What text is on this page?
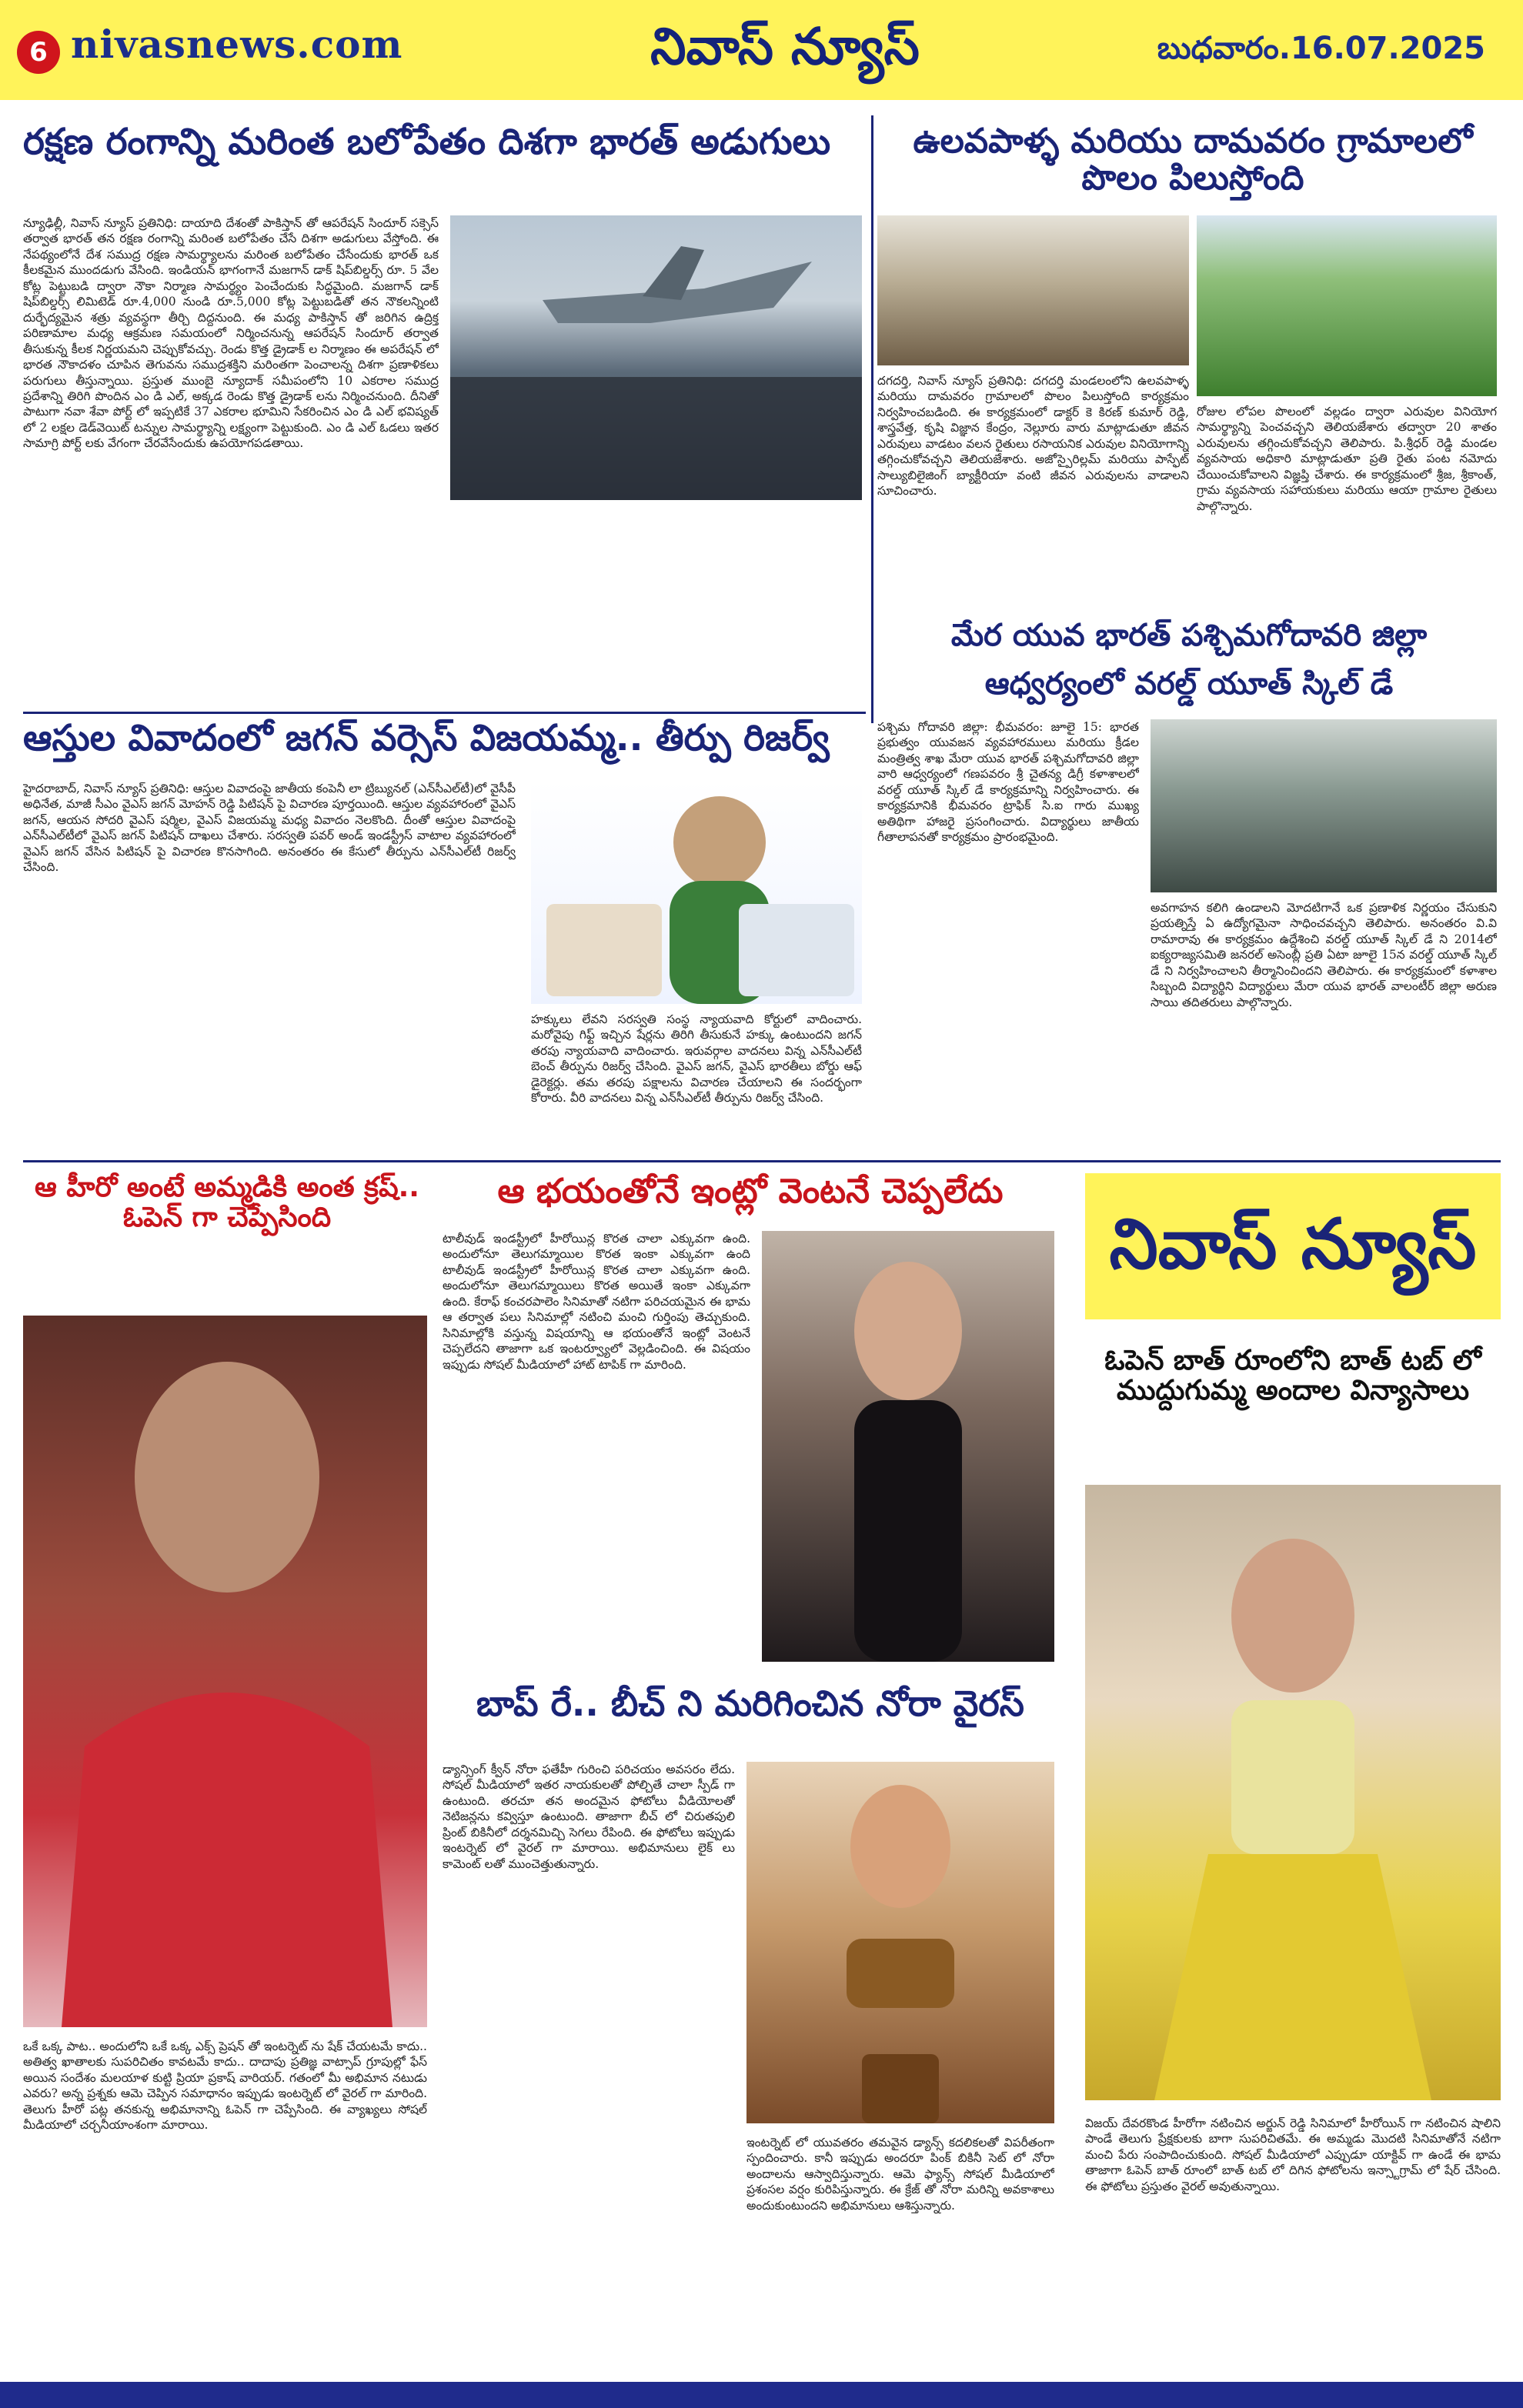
6 nivasnews.com	నివాస్ న్యూస్	బుధవారం.16.07.2025
రక్షణ రంగాన్ని మరింత బలోపేతం దిశగా భారత్ అడుగులు
న్యూఢిల్లీ, నివాస్ న్యూస్ ప్రతినిధి: దాయాది దేశంతో పాకిస్తాన్ తో ఆపరేషన్ సిందూర్ సక్సెస్ తర్వాత భారత్ తన రక్షణ రంగాన్ని మరింత బలోపేతం చేసే దిశగా అడుగులు వేస్తోంది. ఈ నేపథ్యంలోనే దేశ సముద్ర రక్షణ సామర్థ్యాలను మరింత బలోపేతం చేసేందుకు భారత్ ఒక కీలకమైన ముందడుగు వేసింది. ఇండియన్ భాగంగానే మజగాన్ డాక్ షిప్‌బిల్డర్స్ రూ. 5 వేల కోట్ల పెట్టుబడి ద్వారా నౌకా నిర్మాణ సామర్థ్యం పెంచేందుకు సిద్ధమైంది. మజగాన్ డాక్ షిప్‌బిల్డర్స్ లిమిటెడ్ రూ.4,000 నుండి రూ.5,000 కోట్ల పెట్టుబడితో తన నౌకలన్నింటి దుర్భేద్యమైన శత్రు వ్యవస్థగా తీర్చి దిద్దనుంది. ఈ మధ్య పాకిస్తాన్ తో జరిగిన ఉద్రిక్త పరిణామాల మధ్య ఆక్రమణ సమయంలో నిర్మించనున్న ఆపరేషన్ సిందూర్ తర్వాత తీసుకున్న కీలక నిర్ణయమని చెప్పుకోవచ్చు. రెండు కొత్త డ్రైడాక్ ల నిర్మాణం ఈ అపరేషన్ లో భారత నౌకాదళం చూపిన తెగువను సముద్రశక్తిని మరింతగా పెంచాలన్న దిశగా ప్రణాళికలు పరుగులు తీస్తున్నాయి. ప్రస్తుత ముంబై న్యూదాక్ సమీపంలోని 10 ఎకరాల సముద్ర ప్రదేశాన్ని తిరిగి పొందిన ఎం డి ఎల్, అక్కడ రెండు కొత్త డ్రైడాక్ లను నిర్మించనుంది. దీనితో పాటుగా నవా శేవా పోర్ట్ లో ఇప్పటికే 37 ఎకరాల భూమిని సేకరించిన ఎం డి ఎల్ భవిష్యత్ లో 2 లక్షల డెడ్‌వెయిట్ టన్నుల సామర్థ్యాన్ని లక్ష్యంగా పెట్టుకుంది. ఎం డి ఎల్ ఓడలు ఇతర సామాగ్రి పోర్ట్ లకు వేగంగా చేరవేసేందుకు ఉపయోగపడతాయి.
ఉలవపాళ్ళ మరియు దామవరం గ్రామాలలో పొలం పిలుస్తోంది
దగదర్తి, నివాస్ న్యూస్ ప్రతినిధి: దగదర్తి మండలంలోని ఉలవపాళ్ళ మరియు దామవరం గ్రామాలలో పొలం పిలుస్తోంది కార్యక్రమం నిర్వహించబడింది. ఈ కార్యక్రమంలో డాక్టర్ కె కిరణ్ కుమార్ రెడ్డి, శాస్త్రవేత్త, కృషి విజ్ఞాన కేంద్రం, నెల్లూరు వారు మాట్లాడుతూ జీవన ఎరువులు వాడటం వలన రైతులు రసాయనిక ఎరువుల వినియోగాన్ని తగ్గించుకోవచ్చని తెలియజేశారు. అజోస్పైరిల్లమ్ మరియు పాస్ఫేట్ సాల్యుబిలైజింగ్ బ్యాక్టీరియా వంటి జీవన ఎరువులను వాడాలని సూచించారు.
రోజుల లోపల పొలంలో వల్లడం ద్వారా ఎరువుల వినియోగ సామర్థ్యాన్ని పెంచవచ్చని తెలియజేశారు తద్వారా 20 శాతం ఎరువులను తగ్గించుకోవచ్చని తెలిపారు. పి.శ్రీధర్ రెడ్డి మండల వ్యవసాయ అధికారి మాట్లాడుతూ ప్రతి రైతు పంట నమోదు చేయించుకోవాలని విజ్ఞప్తి చేశారు. ఈ కార్యక్రమంలో శ్రీజ, శ్రీకాంత్, గ్రామ వ్యవసాయ సహాయకులు మరియు ఆయా గ్రామాల రైతులు పాల్గొన్నారు.
మేర యువ భారత్ పశ్చిమగోదావరి జిల్లా
ఆధ్వర్యంలో వరల్డ్ యూత్ స్కిల్ డే
పశ్చిమ గోదావరి జిల్లా: భీమవరం: జూలై 15: భారత ప్రభుత్వం యువజన వ్యవహారములు మరియు క్రీడల మంత్రిత్వ శాఖ మేరా యువ భారత్ పశ్చిమగోదావరి జిల్లా వారి ఆధ్వర్యంలో గణపవరం శ్రీ చైతన్య డిగ్రీ కళాశాలలో వరల్డ్ యూత్ స్కిల్ డే కార్యక్రమాన్ని నిర్వహించారు. ఈ కార్యక్రమానికి భీమవరం ట్రాఫిక్ సి.ఐ గారు ముఖ్య అతిథిగా హాజరై ప్రసంగించారు. విద్యార్థులు జాతీయ గీతాలాపనతో కార్యక్రమం ప్రారంభమైంది.
అవగాహన కలిగి ఉండాలని మోదటిగానే ఒక ప్రణాళిక నిర్ణయం చేసుకుని ప్రయత్నిస్తే ఏ ఉద్యోగమైనా సాధించవచ్చని తెలిపారు. అనంతరం వి.వి రామారావు ఈ కార్యక్రమం ఉద్దేశించి వరల్డ్ యూత్ స్కిల్ డే ని 2014లో ఐక్యరాజ్యసమితి జనరల్ అసెంబ్లీ ప్రతి ఏటా జూలై 15న వరల్డ్ యూత్ స్కిల్ డే ని నిర్వహించాలని తీర్మానించిందని తెలిపారు. ఈ కార్యక్రమంలో కళాశాల సిబ్బంది విద్యార్థిని విద్యార్థులు మేరా యువ భారత్ వాలంటీర్ జిల్లా అరుణ సాయి తదితరులు పాల్గొన్నారు.
ఆస్తుల వివాదంలో జగన్ వర్సెస్ విజయమ్మ.. తీర్పు రిజర్వ్
హైదరాబాద్, నివాస్ న్యూస్ ప్రతినిధి: ఆస్తుల వివాదంపై జాతీయ కంపెనీ లా ట్రిబ్యునల్ (ఎన్‌సీఎల్‌టీ)లో వైసీపీ అధినేత, మాజీ సీఎం వైఎస్ జగన్ మోహన్ రెడ్డి పిటిషన్ పై విచారణ పూర్తయింది. ఆస్తుల వ్యవహారంలో వైఎస్ జగన్, ఆయన సోదరి వైఎస్ షర్మిల, వైఎస్ విజయమ్మ మధ్య వివాదం నెలకొంది. దీంతో ఆస్తుల వివాదంపై ఎన్‌సీఎల్‌టీలో వైఎస్ జగన్ పిటిషన్ దాఖలు చేశారు. సరస్వతి పవర్ అండ్ ఇండస్ట్రీస్ వాటాల వ్యవహారంలో వైఎస్ జగన్ వేసిన పిటిషన్ పై విచారణ కొనసాగింది. అనంతరం ఈ కేసులో తీర్పును ఎన్‌సీఎల్‌టీ రిజర్వ్ చేసింది.
హక్కులు లేవని సరస్వతి సంస్థ న్యాయవాది కోర్టులో వాదించారు. మరోవైపు గిఫ్ట్ ఇచ్చిన షేర్లను తిరిగి తీసుకునే హక్కు ఉంటుందని జగన్ తరపు న్యాయవాది వాదించారు. ఇరువర్గాల వాదనలు విన్న ఎన్‌సీఎల్‌టీ బెంచ్ తీర్పును రిజర్వ్ చేసింది. వైఎస్ జగన్, వైఎస్ భారతీలు బోర్డు ఆఫ్ డైరెక్టర్లు. తమ తరపు పక్షాలను విచారణ చేయాలని ఈ సందర్భంగా కోరారు. వీరి వాదనలు విన్న ఎన్‌సీఎల్‌టీ తీర్పును రిజర్వ్ చేసింది.
ఆ హీరో అంటే అమ్మడికి అంత క్రష్.. ఓపెన్ గా చెప్పేసింది
ఒకే ఒక్క పాట.. అందులోని ఒకే ఒక్క ఎక్స్ ప్రెషన్ తో ఇంటర్నెట్ ను షేక్ చేయటమే కాదు.. అతిత్వ ఖాతాలకు సుపరిచితం కావటమే కాదు.. దాదాపు ప్రతిజ్ఞ వాట్సాప్ గ్రూపుల్లో ఫేస్ అయిన సందేశం మలయాళ కుట్టి ప్రియా ప్రకాష్ వారియర్. గతంలో మీ అభిమాన నటుడు ఎవరు? అన్న ప్రశ్నకు ఆమె చెప్పిన సమాధానం ఇప్పుడు ఇంటర్నెట్ లో వైరల్ గా మారింది. తెలుగు హీరో పట్ల తనకున్న అభిమానాన్ని ఓపెన్ గా చెప్పేసింది. ఈ వ్యాఖ్యలు సోషల్ మీడియాలో చర్చనీయాంశంగా మారాయి.
ఆ భయంతోనే ఇంట్లో వెంటనే చెప్పలేదు
టాలీవుడ్ ఇండస్ట్రీలో హీరోయిన్ల కొరత చాలా ఎక్కువగా ఉంది. అందులోనూ తెలుగమ్మాయిల కొరత ఇంకా ఎక్కువగా ఉంది టాలీవుడ్ ఇండస్ట్రీలో హీరోయిన్ల కొరత చాలా ఎక్కువగా ఉంది. అందులోనూ తెలుగమ్మాయిలు కొరత అయితే ఇంకా ఎక్కువగా ఉంది. కేరాఫ్ కంచరపాలెం సినిమాతో నటిగా పరిచయమైన ఈ భామ ఆ తర్వాత పలు సినిమాల్లో నటించి మంచి గుర్తింపు తెచ్చుకుంది. సినిమాల్లోకి వస్తున్న విషయాన్ని ఆ భయంతోనే ఇంట్లో వెంటనే చెప్పలేదని తాజాగా ఒక ఇంటర్వ్యూలో వెల్లడించింది. ఈ విషయం ఇప్పుడు సోషల్ మీడియాలో హాట్ టాపిక్ గా మారింది.
బాప్ రే.. బీచ్ ని మరిగించిన నోరా వైరస్
డ్యాన్సింగ్ క్వీన్ నోరా ఫతేహీ గురించి పరిచయం అవసరం లేదు. సోషల్ మీడియాలో ఇతర నాయకులతో పోల్చితే చాలా స్పీడ్ గా ఉంటుంది. తరచూ తన అందమైన ఫోటోలు వీడియోలతో నెటిజన్లను కవ్విస్తూ ఉంటుంది. తాజాగా బీచ్ లో చిరుతపులి ప్రింట్ బికినీలో దర్శనమిచ్చి సెగలు రేపింది. ఈ ఫోటోలు ఇప్పుడు ఇంటర్నెట్ లో వైరల్ గా మారాయి. అభిమానులు లైక్ లు కామెంట్ లతో ముంచెత్తుతున్నారు.
ఇంటర్నెట్ లో యువతరం తమవైన డ్యాన్స్ కదలికలతో విపరీతంగా స్పందించారు. కానీ ఇప్పుడు అందరూ పింక్ బికినీ సెట్ లో నోరా అందాలను ఆస్వాదిస్తున్నారు. ఆమె ఫ్యాన్స్ సోషల్ మీడియాలో ప్రశంసల వర్షం కురిపిస్తున్నారు. ఈ క్రేజ్ తో నోరా మరిన్ని అవకాశాలు అందుకుంటుందని అభిమానులు ఆశిస్తున్నారు.
నివాస్ న్యూస్
ఓపెన్ బాత్ రూంలోని బాత్ టబ్ లో ముద్దుగుమ్మ అందాల విన్యాసాలు
విజయ్ దేవరకొండ హీరోగా నటించిన అర్జున్ రెడ్డి సినిమాలో హీరోయిన్ గా నటించిన షాలిని పాండే తెలుగు ప్రేక్షకులకు బాగా సుపరిచితమే. ఈ అమ్మడు మొదటి సినిమాతోనే నటిగా మంచి పేరు సంపాదించుకుంది. సోషల్ మీడియాలో ఎప్పుడూ యాక్టివ్ గా ఉండే ఈ భామ తాజాగా ఓపెన్ బాత్ రూంలో బాత్ టబ్ లో దిగిన ఫోటోలను ఇన్స్టాగ్రామ్ లో షేర్ చేసింది. ఈ ఫోటోలు ప్రస్తుతం వైరల్ అవుతున్నాయి.
